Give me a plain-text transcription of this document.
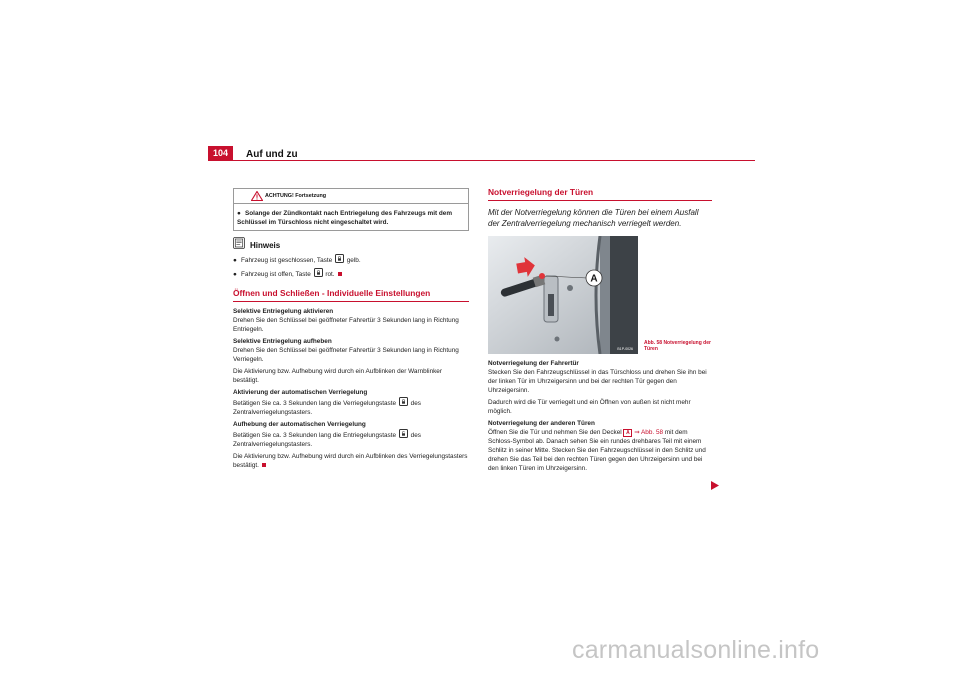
104	Auf und zu
ACHTUNG! Fortsetzung
● Solange der Zündkontakt nach Entriegelung des Fahrzeugs mit dem Schlüssel im Türschloss nicht eingeschaltet wird.
Hinweis

● Fahrzeug ist geschlossen, Taste gelb.

● Fahrzeug ist offen, Taste rot.

Öffnen und Schließen - Individuelle Einstellungen
Selektive Entriegelung aktivieren

Drehen Sie den Schlüssel bei geöffneter Fahrertür 3 Sekunden lang in Richtung Entriegeln.

Selektive Entriegelung aufheben

Drehen Sie den Schlüssel bei geöffneter Fahrertür 3 Sekunden lang in Richtung Verriegeln.

Die Aktivierung bzw. Aufhebung wird durch ein Aufblinken der Warnblinker bestätigt.

Aktivierung der automatischen Verriegelung

Betätigen Sie ca. 3 Sekunden lang die Verriegelungstaste des Zentralverriegelungstasters.

Aufhebung der automatischen Verriegelung

Betätigen Sie ca. 3 Sekunden lang die Entriegelungstaste des Zentralverriegelungstasters.

Die Aktivierung bzw. Aufhebung wird durch ein Aufblinken des Verriegelungstasters bestätigt.

Notverriegelung der Türen
Mit der Notverriegelung können die Türen bei einem Ausfall der Zentralverriegelung mechanisch verriegelt werden.
A
B1P-0026
Abb. 58 Notverriegelung der Türen
Notverriegelung der Fahrertür

Stecken Sie den Fahrzeugschlüssel in das Türschloss und drehen Sie ihn bei der linken Tür im Uhrzeigersinn und bei der rechten Tür gegen den Uhrzeigersinn.

Dadurch wird die Tür verriegelt und ein Öffnen von außen ist nicht mehr möglich.

Notverriegelung der anderen Türen

Öffnen Sie die Tür und nehmen Sie den Deckel A ⇒ Abb. 58 mit dem Schloss-Symbol ab. Danach sehen Sie ein rundes drehbares Teil mit einem Schlitz in seiner Mitte. Stecken Sie den Fahrzeugschlüssel in den Schlitz und drehen Sie das Teil bei den rechten Türen gegen den Uhrzeigersinn und bei den linken Türen im Uhrzeigersinn.

carmanualsonline.info
